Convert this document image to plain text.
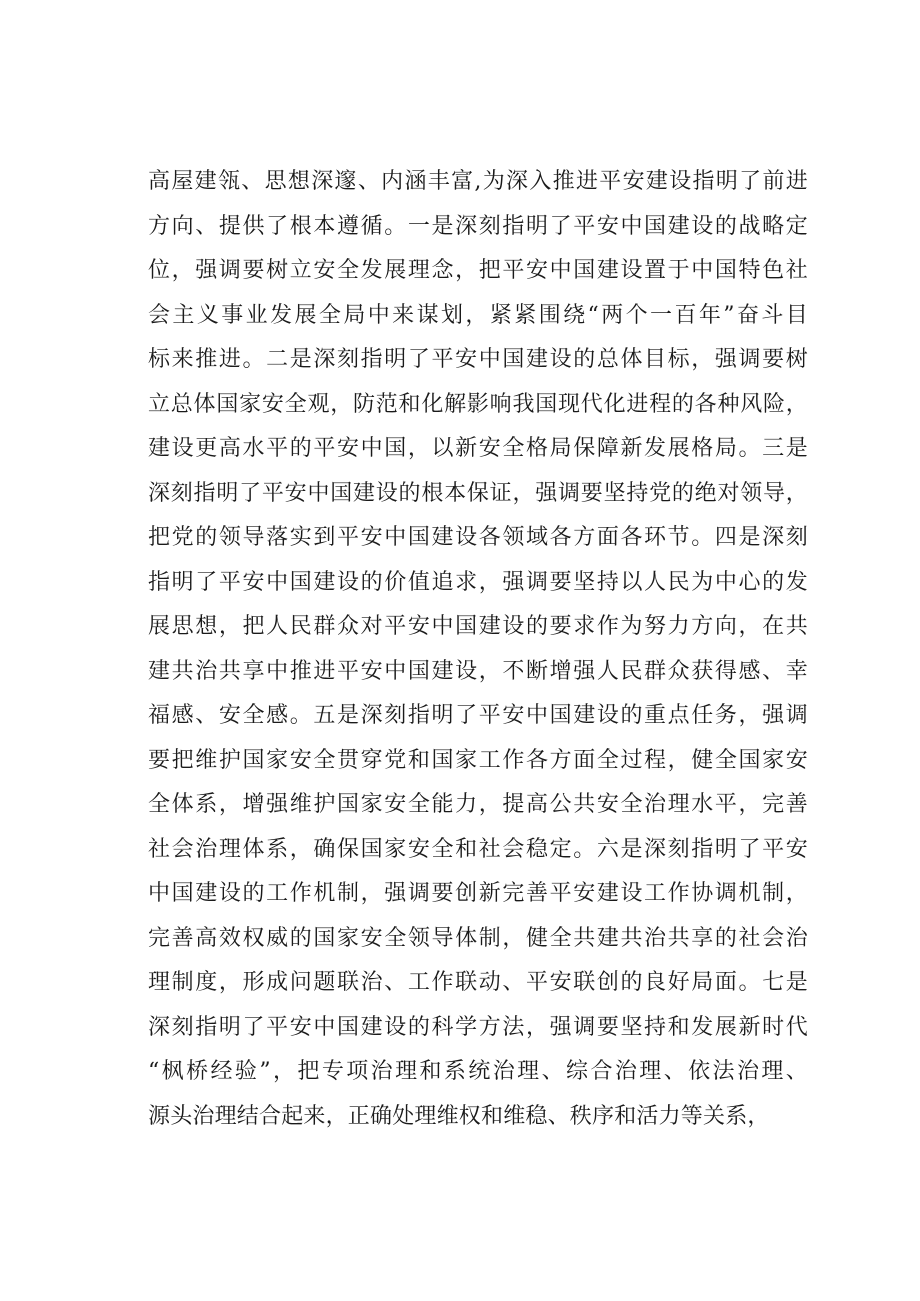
高屋建瓴、思想深邃、内涵丰富,为深入推进平安建设指明了前进
方向、提供了根本遵循。一是深刻指明了平安中国建设的战略定
位，强调要树立安全发展理念，把平安中国建设置于中国特色社
会主义事业发展全局中来谋划，紧紧围绕“两个一百年”奋斗目
标来推进。二是深刻指明了平安中国建设的总体目标，强调要树
立总体国家安全观，防范和化解影响我国现代化进程的各种风险，
建设更高水平的平安中国，以新安全格局保障新发展格局。三是
深刻指明了平安中国建设的根本保证，强调要坚持党的绝对领导，
把党的领导落实到平安中国建设各领域各方面各环节。四是深刻
指明了平安中国建设的价值追求，强调要坚持以人民为中心的发
展思想，把人民群众对平安中国建设的要求作为努力方向，在共
建共治共享中推进平安中国建设，不断增强人民群众获得感、幸
福感、安全感。五是深刻指明了平安中国建设的重点任务，强调
要把维护国家安全贯穿党和国家工作各方面全过程，健全国家安
全体系，增强维护国家安全能力，提高公共安全治理水平，完善
社会治理体系，确保国家安全和社会稳定。六是深刻指明了平安
中国建设的工作机制，强调要创新完善平安建设工作协调机制，
完善高效权威的国家安全领导体制，健全共建共治共享的社会治
理制度，形成问题联治、工作联动、平安联创的良好局面。七是
深刻指明了平安中国建设的科学方法，强调要坚持和发展新时代
“枫桥经验”，把专项治理和系统治理、综合治理、依法治理、
源头治理结合起来，正确处理维权和维稳、秩序和活力等关系，
